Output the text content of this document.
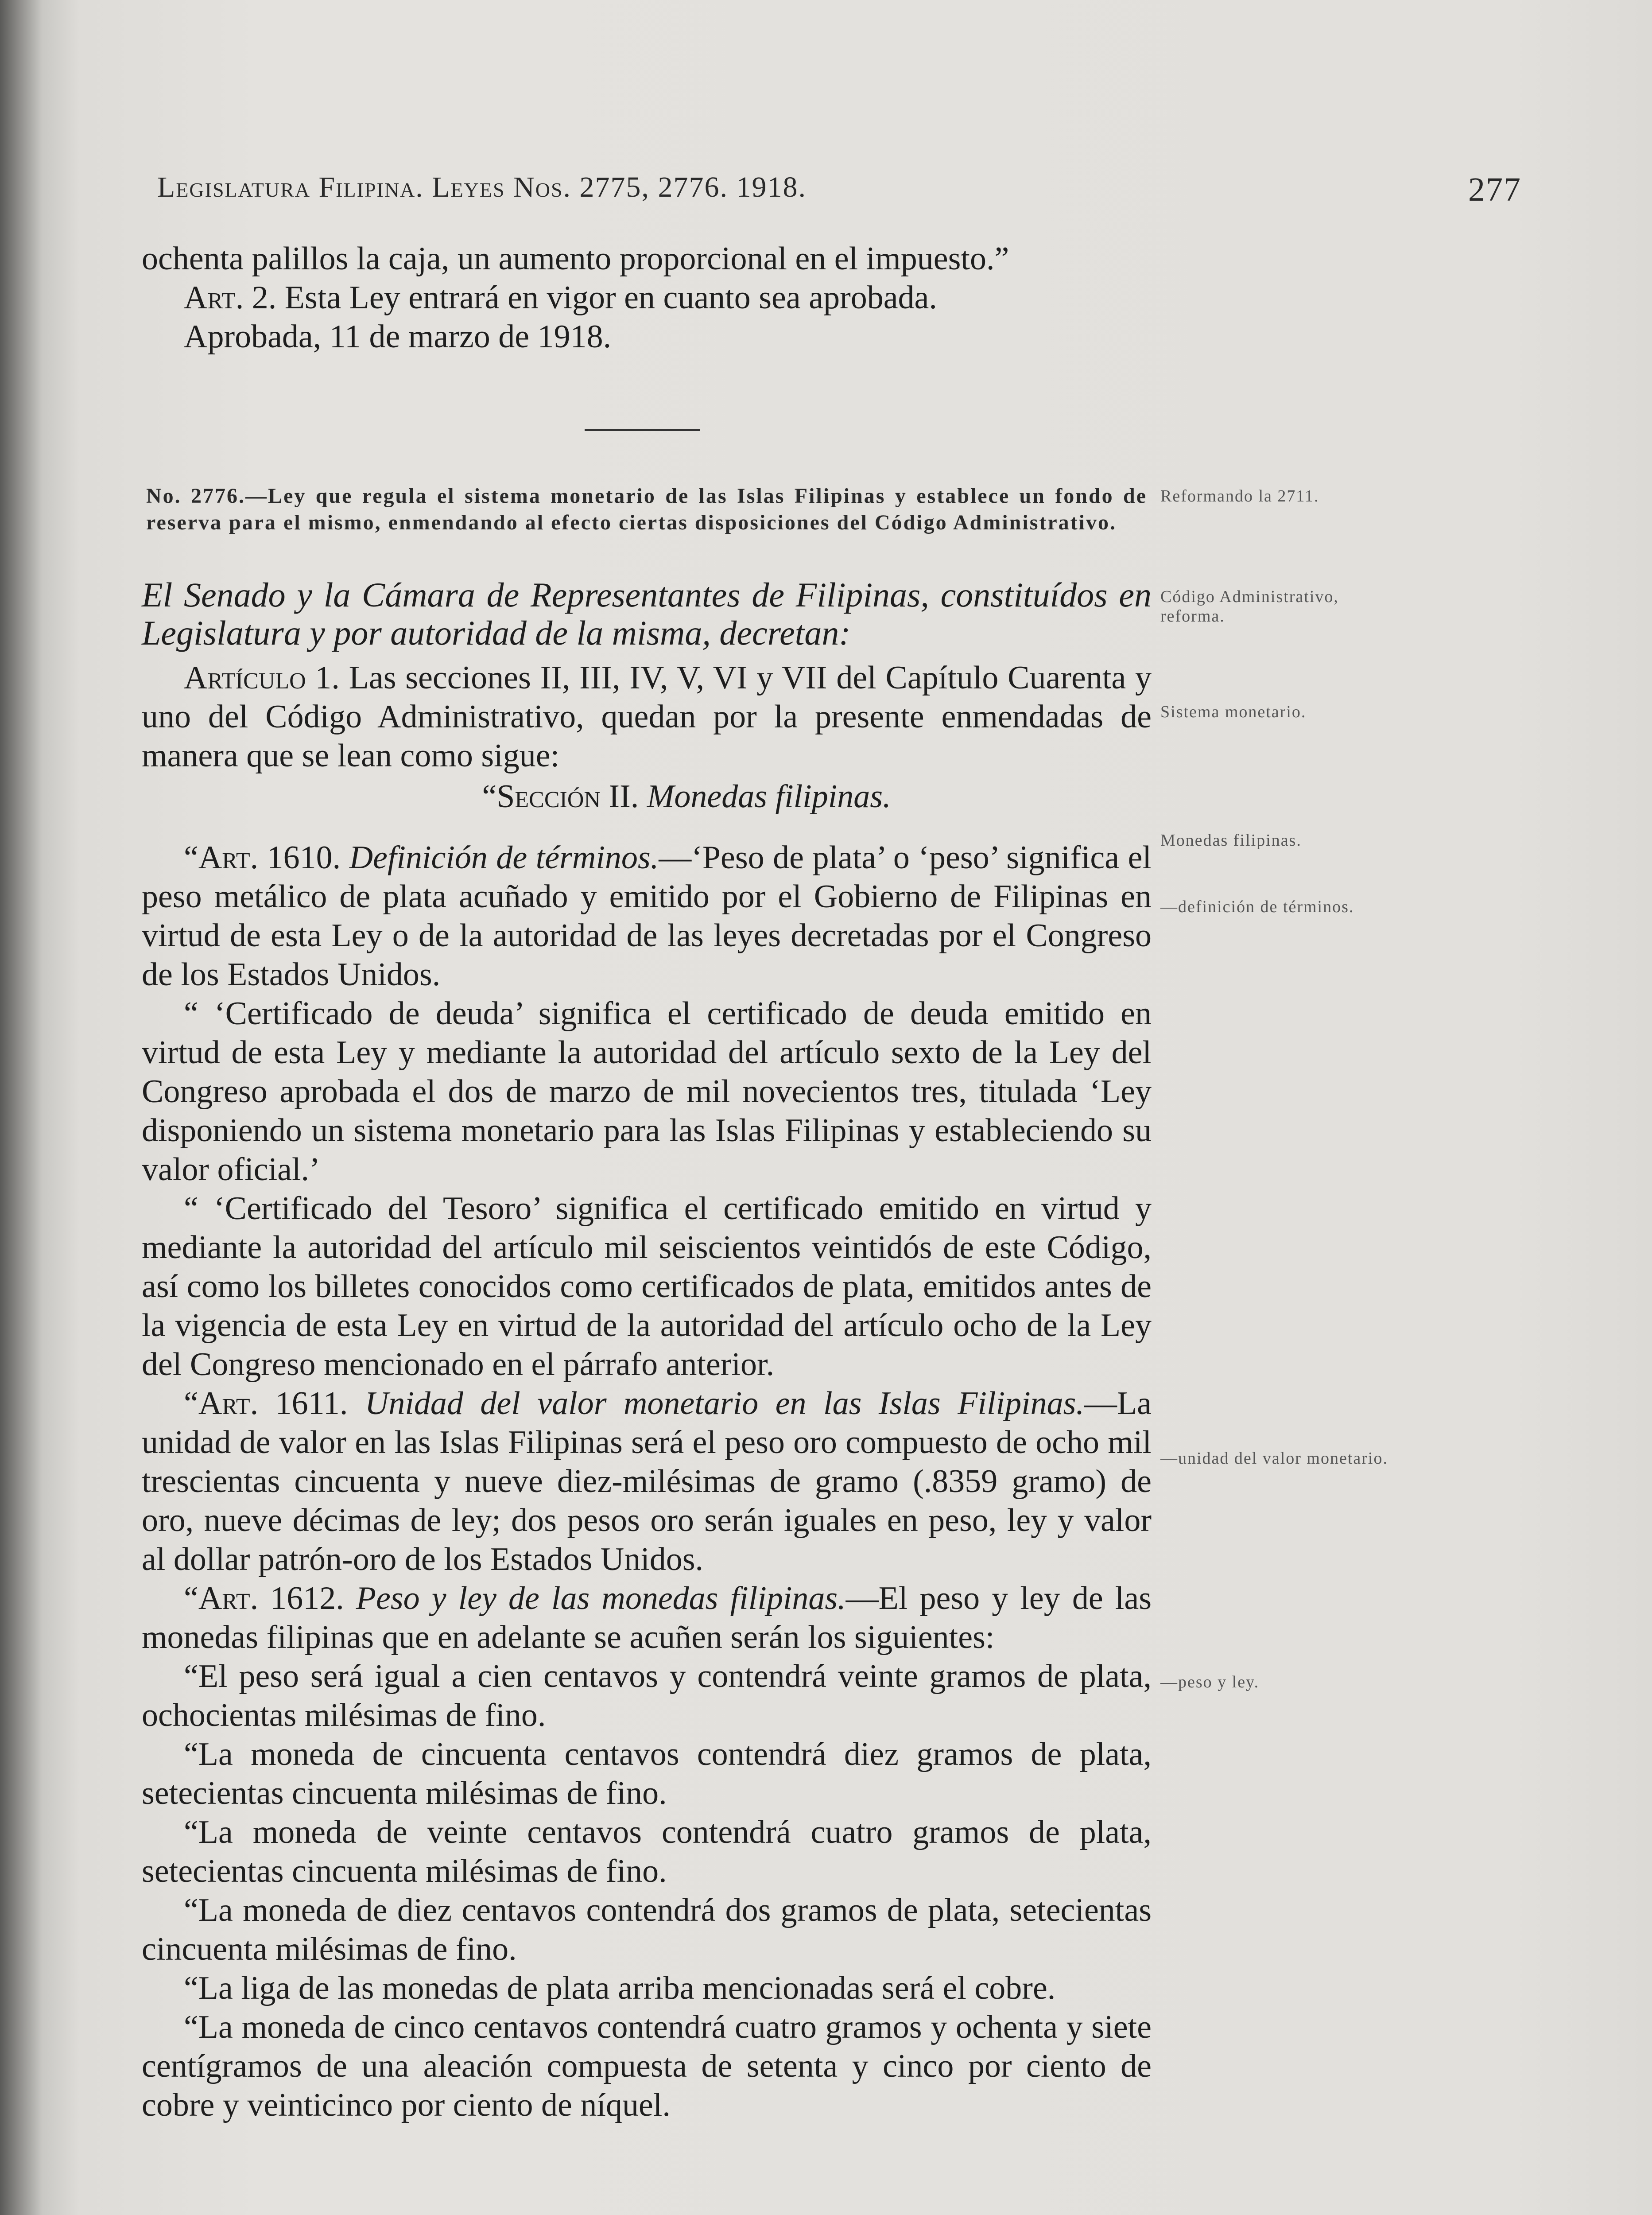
Legislatura Filipina. Leyes Nos. 2775, 2776. 1918.	277

ochenta palillos la caja, un aumento proporcional en el impuesto.”

Art. 2. Esta Ley entrará en vigor en cuanto sea aprobada.

Aprobada, 11 de marzo de 1918.

No. 2776.—Ley que regula el sistema monetario de las Islas Filipinas y establece un fondo de reserva para el mismo, enmendando al efecto ciertas disposiciones del Código Administrativo.

El Senado y la Cámara de Representantes de Filipinas, constituídos en Legislatura y por autoridad de la misma, decretan:

Artículo 1. Las secciones II, III, IV, V, VI y VII del Capítulo Cuarenta y uno del Código Administrativo, quedan por la presente enmendadas de manera que se lean como sigue:

“Sección II. Monedas filipinas.

“Art. 1610. Definición de términos.—‘Peso de plata’ o ‘peso’ significa el peso metálico de plata acuñado y emitido por el Gobierno de Filipinas en virtud de esta Ley o de la autoridad de las leyes decretadas por el Congreso de los Estados Unidos.

“ ‘Certificado de deuda’ significa el certificado de deuda emitido en virtud de esta Ley y mediante la autoridad del artículo sexto de la Ley del Congreso aprobada el dos de marzo de mil novecientos tres, titulada ‘Ley disponiendo un sistema monetario para las Islas Filipinas y estableciendo su valor oficial.’

“ ‘Certificado del Tesoro’ significa el certificado emitido en virtud y mediante la autoridad del artículo mil seiscientos veintidós de este Código, así como los billetes conocidos como certificados de plata, emitidos antes de la vigencia de esta Ley en virtud de la autoridad del artículo ocho de la Ley del Congreso mencionado en el párrafo anterior.

“Art. 1611. Unidad del valor monetario en las Islas Filipinas.—La unidad de valor en las Islas Filipinas será el peso oro compuesto de ocho mil trescientas cincuenta y nueve diez-milésimas de gramo (.8359 gramo) de oro, nueve décimas de ley; dos pesos oro serán iguales en peso, ley y valor al dollar patrón-oro de los Estados Unidos.

“Art. 1612. Peso y ley de las monedas filipinas.—El peso y ley de las monedas filipinas que en adelante se acuñen serán los siguientes:

“El peso será igual a cien centavos y contendrá veinte gramos de plata, ochocientas milésimas de fino.

“La moneda de cincuenta centavos contendrá diez gramos de plata, setecientas cincuenta milésimas de fino.

“La moneda de veinte centavos contendrá cuatro gramos de plata, setecientas cincuenta milésimas de fino.

“La moneda de diez centavos contendrá dos gramos de plata, setecientas cincuenta milésimas de fino.

“La liga de las monedas de plata arriba mencionadas será el cobre.

“La moneda de cinco centavos contendrá cuatro gramos y ochenta y siete centígramos de una aleación compuesta de setenta y cinco por ciento de cobre y veinticinco por ciento de níquel.

Reformando la 2711.
Código Administrativo, reforma.
Sistema monetario.
Monedas filipinas.
—definición de términos.
—unidad del valor monetario.
—peso y ley.
